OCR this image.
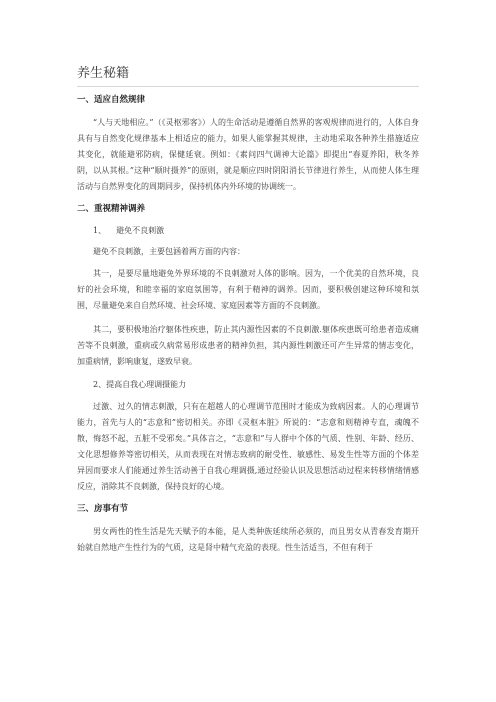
养生秘籍

一、适应自然规律

“人与天地相应。”（《灵枢邪客》）人的生命活动是遵循自然界的客观规律而进行的，人体自身具有与自然变化规律基本上相适应的能力，如果人能掌握其规律，主动地采取各种养生措施适应其变化，就能避邪防病，保健延衰。例如：《素问四气调神大论篇》即提出“春夏养阳，秋冬养阴，以从其根。”这种“顺时摄养”的原则，就是顺应四时阴阳消长节律进行养生，从而使人体生理活动与自然界变化的周期同步，保持机体内外环境的协调统一。

二、重视精神调养

1、 避免不良刺激

避免不良刺激，主要包涵着两方面的内容：

其一，是要尽量地避免外界环境的不良刺激对人体的影响。因为，一个优美的自然环境，良好的社会环境，和睦幸福的家庭氛围等，有利于精神的调养。因而，要积极创建这种环境和氛围，尽量避免来自自然环境、社会环境、家庭因素等方面的不良刺激。

其二，要积极地治疗躯体性疾患，防止其内源性因素的不良刺激.躯体疾患既可给患者造成痛苦等不良刺激，重病或久病常易形成患者的精神负担，其内源性刺激还可产生异常的情志变化，加重病情，影响康复，遂致早衰。

2、提高自我心理调摄能力

过激、过久的情志刺激，只有在超越人的心理调节范围时才能成为致病因素。人的心理调节能力，首先与人的“志意和”密切相关。亦即《灵枢本脏》所说的：“志意和则精神专直，魂魄不散，悔怒不起，五脏不受邪矣。”具体言之，“志意和”与人群中个体的气质、性别、年龄、经历、文化思想修养等密切相关，从而表现在对情志致病的耐受性、敏感性、易发生性等方面的个体差异因而要求人们能通过养生活动善于自我心理调摄,通过经验认识及思想活动过程来转移情绪情感反应，消除其不良刺激，保持良好的心境。

三、房事有节

男女两性的性生活是先天赋予的本能，是人类种族延续所必须的，而且男女从青春发育期开始就自然地产生性行为的气质，这是肾中精气充盈的表现。性生活适当，不但有利于
